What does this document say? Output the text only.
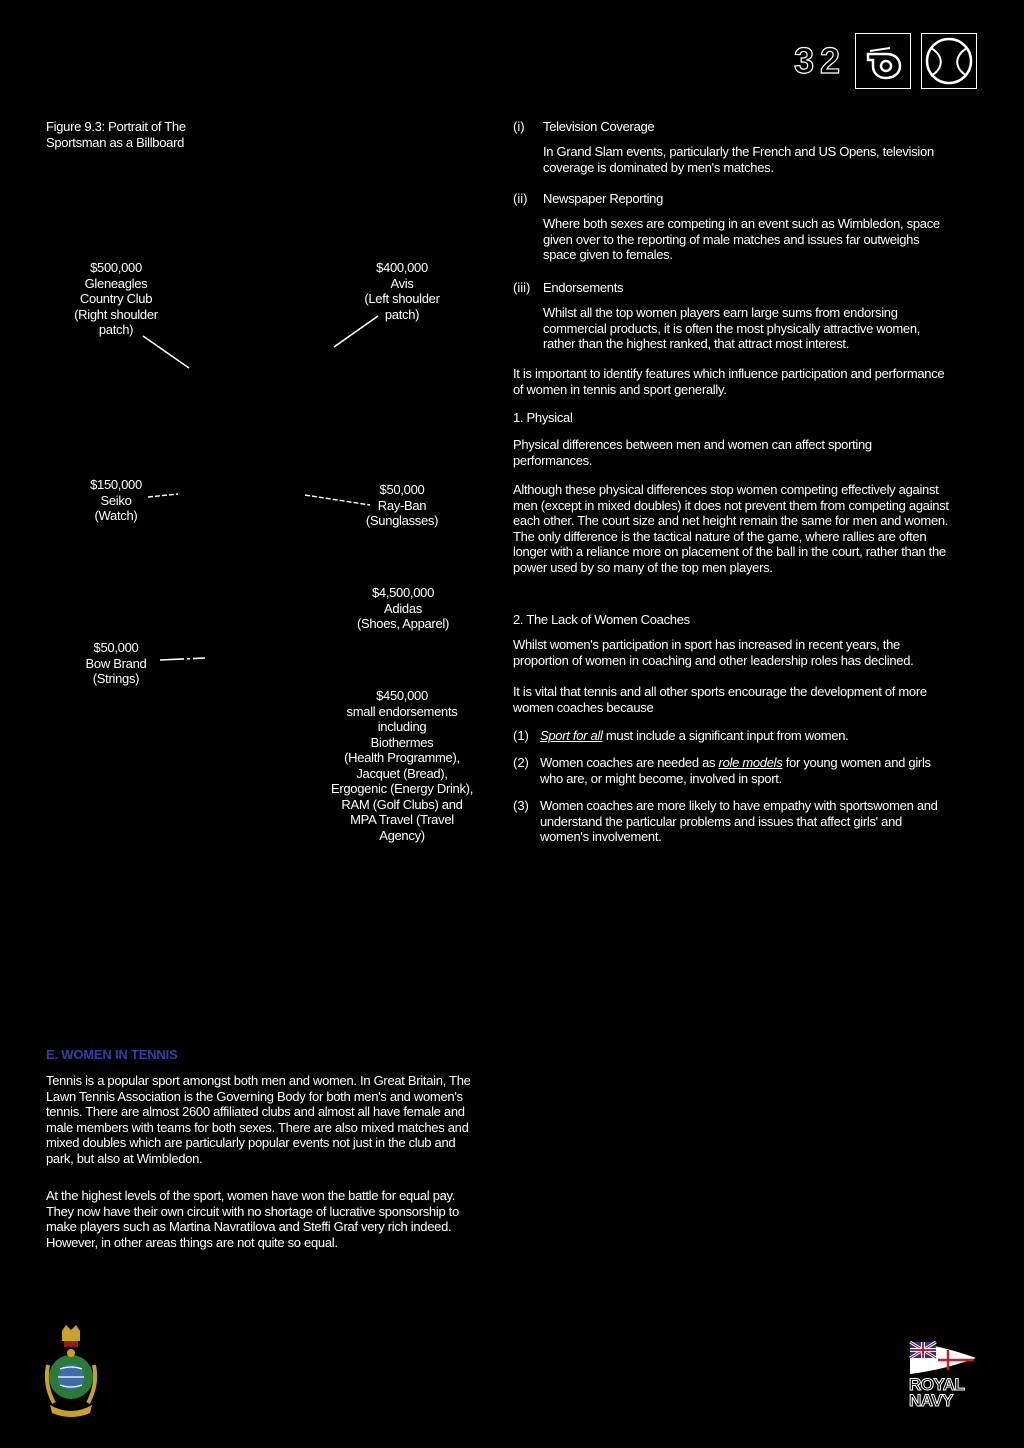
32
Figure 9.3: Portrait of The Sportsman as a Billboard
$500,000
Gleneagles
Country Club
(Right shoulder
patch)
$400,000
Avis
(Left shoulder
patch)
$150,000
Seiko
(Watch)
$50,000
Ray-Ban
(Sunglasses)
$4,500,000
Adidas
(Shoes, Apparel)
$50,000
Bow Brand
(Strings)
$450,000
small endorsements
including
Biothermes
(Health Programme),
Jacquet (Bread),
Ergogenic (Energy Drink),
RAM (Golf Clubs) and
MPA Travel (Travel
Agency)
E. WOMEN IN TENNIS
Tennis is a popular sport amongst both men and women. In Great Britain, The Lawn Tennis Association is the Governing Body for both men's and women's tennis. There are almost 2600 affiliated clubs and almost all have female and male members with teams for both sexes. There are also mixed matches and mixed doubles which are particularly popular events not just in the club and park, but also at Wimbledon.
At the highest levels of the sport, women have won the battle for equal pay. They now have their own circuit with no shortage of lucrative sponsorship to make players such as Martina Navratilova and Steffi Graf very rich indeed. However, in other areas things are not quite so equal.
(i) Television Coverage
In Grand Slam events, particularly the French and US Opens, television coverage is dominated by men's matches.
(ii) Newspaper Reporting
Where both sexes are competing in an event such as Wimbledon, space given over to the reporting of male matches and issues far outweighs space given to females.
(iii) Endorsements
Whilst all the top women players earn large sums from endorsing commercial products, it is often the most physically attractive women, rather than the highest ranked, that attract most interest.
It is important to identify features which influence participation and performance of women in tennis and sport generally.
1. Physical
Physical differences between men and women can affect sporting performances.
Although these physical differences stop women competing effectively against men (except in mixed doubles) it does not prevent them from competing against each other. The court size and net height remain the same for men and women. The only difference is the tactical nature of the game, where rallies are often longer with a reliance more on placement of the ball in the court, rather than the power used by so many of the top men players.
2. The Lack of Women Coaches
Whilst women's participation in sport has increased in recent years, the proportion of women in coaching and other leadership roles has declined.
It is vital that tennis and all other sports encourage the development of more women coaches because
(1) Sport for all must include a significant input from women.
(2) Women coaches are needed as role models for young women and girls who are, or might become, involved in sport.
(3) Women coaches are more likely to have empathy with sportswomen and understand the particular problems and issues that affect girls' and women's involvement.
ROYAL
NAVY
